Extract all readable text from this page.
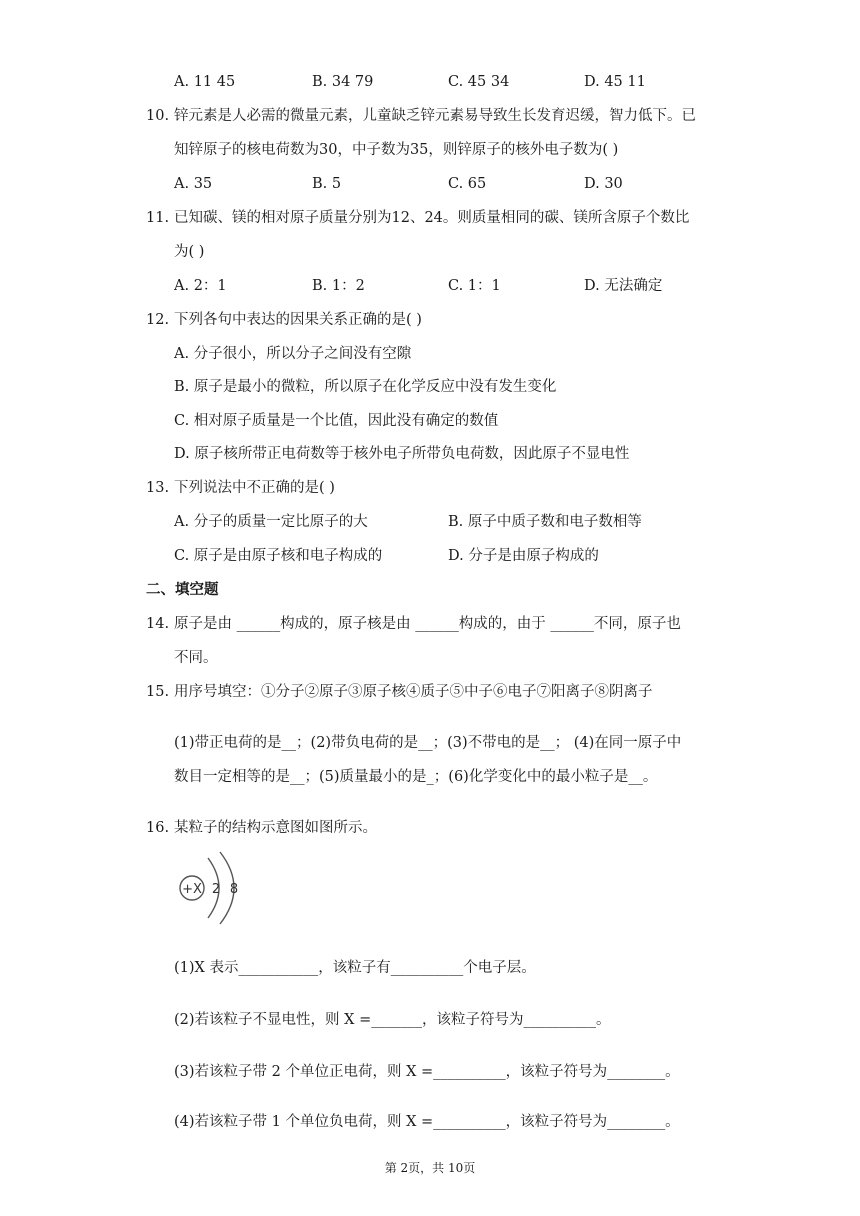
A. 11 45	B. 34 79	C. 45 34	D. 45 11
10. 锌元素是人必需的微量元素，儿童缺乏锌元素易导致生长发育迟缓，智力低下。已
知锌原子的核电荷数为30，中子数为35，则锌原子的核外电子数为( )
A. 35	B. 5	C. 65	D. 30
11. 已知碳、镁的相对原子质量分别为12、24。则质量相同的碳、镁所含原子个数比
为( )
A. 2：1	B. 1：2	C. 1：1	D. 无法确定
12. 下列各句中表达的因果关系正确的是( )
A. 分子很小，所以分子之间没有空隙
B. 原子是最小的微粒，所以原子在化学反应中没有发生变化
C. 相对原子质量是一个比值，因此没有确定的数值
D. 原子核所带正电荷数等于核外电子所带负电荷数，因此原子不显电性
13. 下列说法中不正确的是( )
A. 分子的质量一定比原子的大	B. 原子中质子数和电子数相等
C. 原子是由原子核和电子构成的	D. 分子是由原子构成的
二、填空题
14. 原子是由 ______构成的，原子核是由 ______构成的，由于 ______不同，原子也
不同。
15. 用序号填空：①分子②原子③原子核④质子⑤中子⑥电子⑦阳离子⑧阴离子
(1)带正电荷的是__；(2)带负电荷的是__；(3)不带电的是__； (4)在同一原子中
数目一定相等的是__；(5)质量最小的是_；(6)化学变化中的最小粒子是__。
16. 某粒子的结构示意图如图所示。
+X 2 8
(1)X 表示___________，该粒子有__________个电子层。
(2)若该粒子不显电性，则 X =_______，该粒子符号为__________。
(3)若该粒子带 2 个单位正电荷，则 X =__________，该粒子符号为________。
(4)若该粒子带 1 个单位负电荷，则 X =__________，该粒子符号为________。
第 2页，共 10页
